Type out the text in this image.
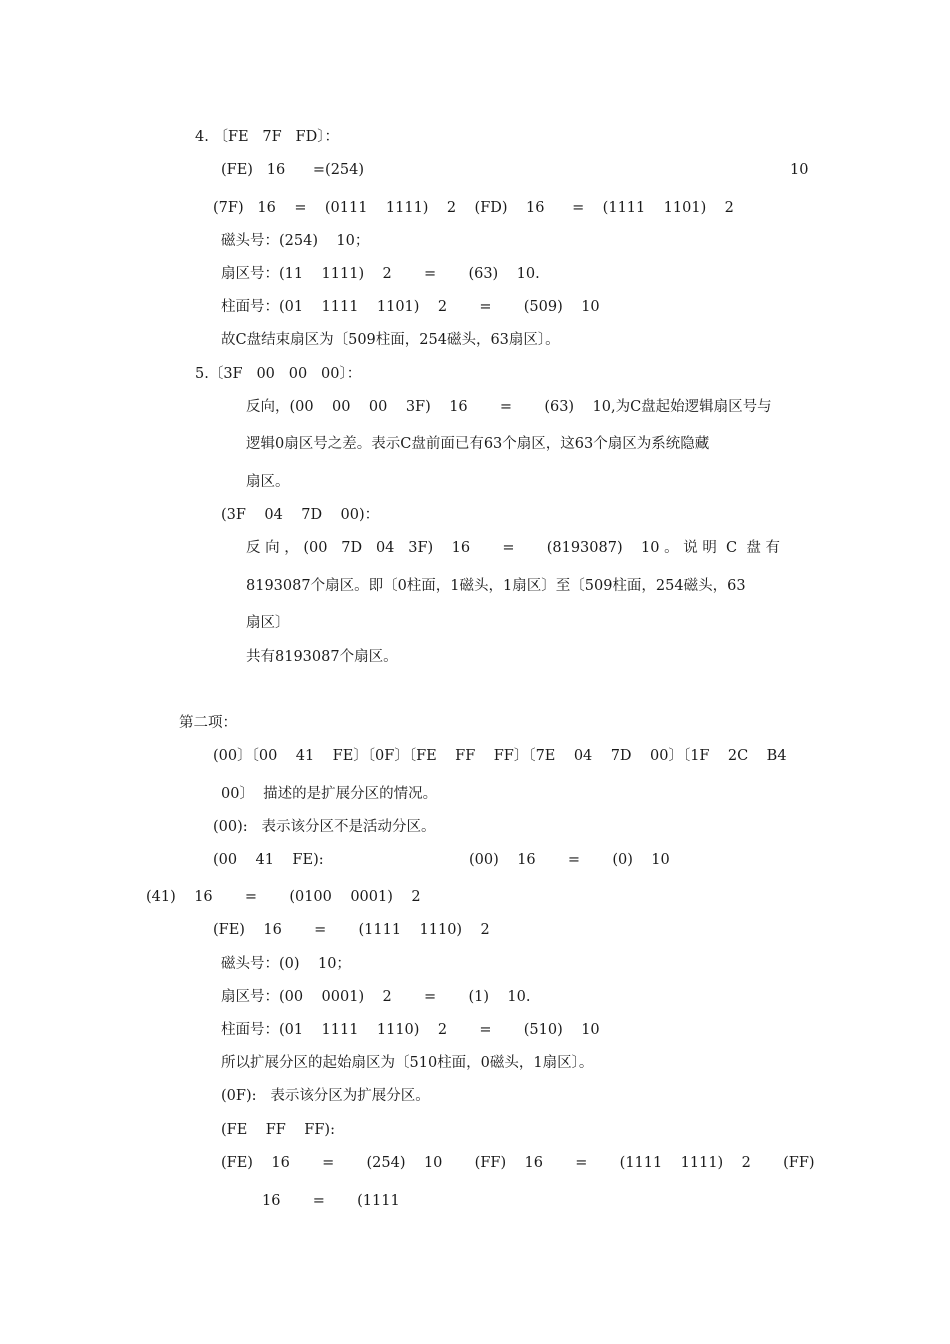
4. 〔FE   7F   FD〕：

(FE)   16      =(254)	10

(7F)   16    =    (0111    1111)    2    (FD)    16      =    (1111    1101)    2

磁头号：(254)    10；

扇区号：(11    1111)    2       =       (63)    10.

柱面号：(01    1111    1101)    2       =       (509)    10

故C盘结束扇区为〔509柱面，254磁头，63扇区〕。

5.〔3F   00   00   00〕：

反向，(00    00    00    3F)    16       =       (63)    10,为C盘起始逻辑扇区号与

逻辑0扇区号之差。表示C盘前面已有63个扇区，这63个扇区为系统隐藏

扇区。

(3F    04    7D    00)：

反 向 ， (00   7D   04   3F)    16       =       (8193087)    10 。 说 明  C  盘 有

8193087个扇区。即〔0柱面，1磁头，1扇区〕至〔509柱面，254磁头，63

扇区〕

共有8193087个扇区。

第二项：

(00〕〔00    41    FE〕〔0F〕〔FE    FF    FF〕〔7E    04    7D    00〕〔1F    2C    B4

00〕  描述的是扩展分区的情况。

(00):   表示该分区不是活动分区。

(00    41    FE):	(00)    16       =       (0)    10

(41)    16       =       (0100    0001)    2

(FE)    16       =       (1111    1110)    2

磁头号：(0)    10；

扇区号：(00    0001)    2       =       (1)    10.

柱面号：(01    1111    1110)    2       =       (510)    10

所以扩展分区的起始扇区为〔510柱面，0磁头，1扇区〕。

(0F):   表示该分区为扩展分区。

(FE    FF    FF):

(FE)    16       =       (254)    10       (FF)    16       =       (1111    1111)    2       (FF)

16       =       (1111
